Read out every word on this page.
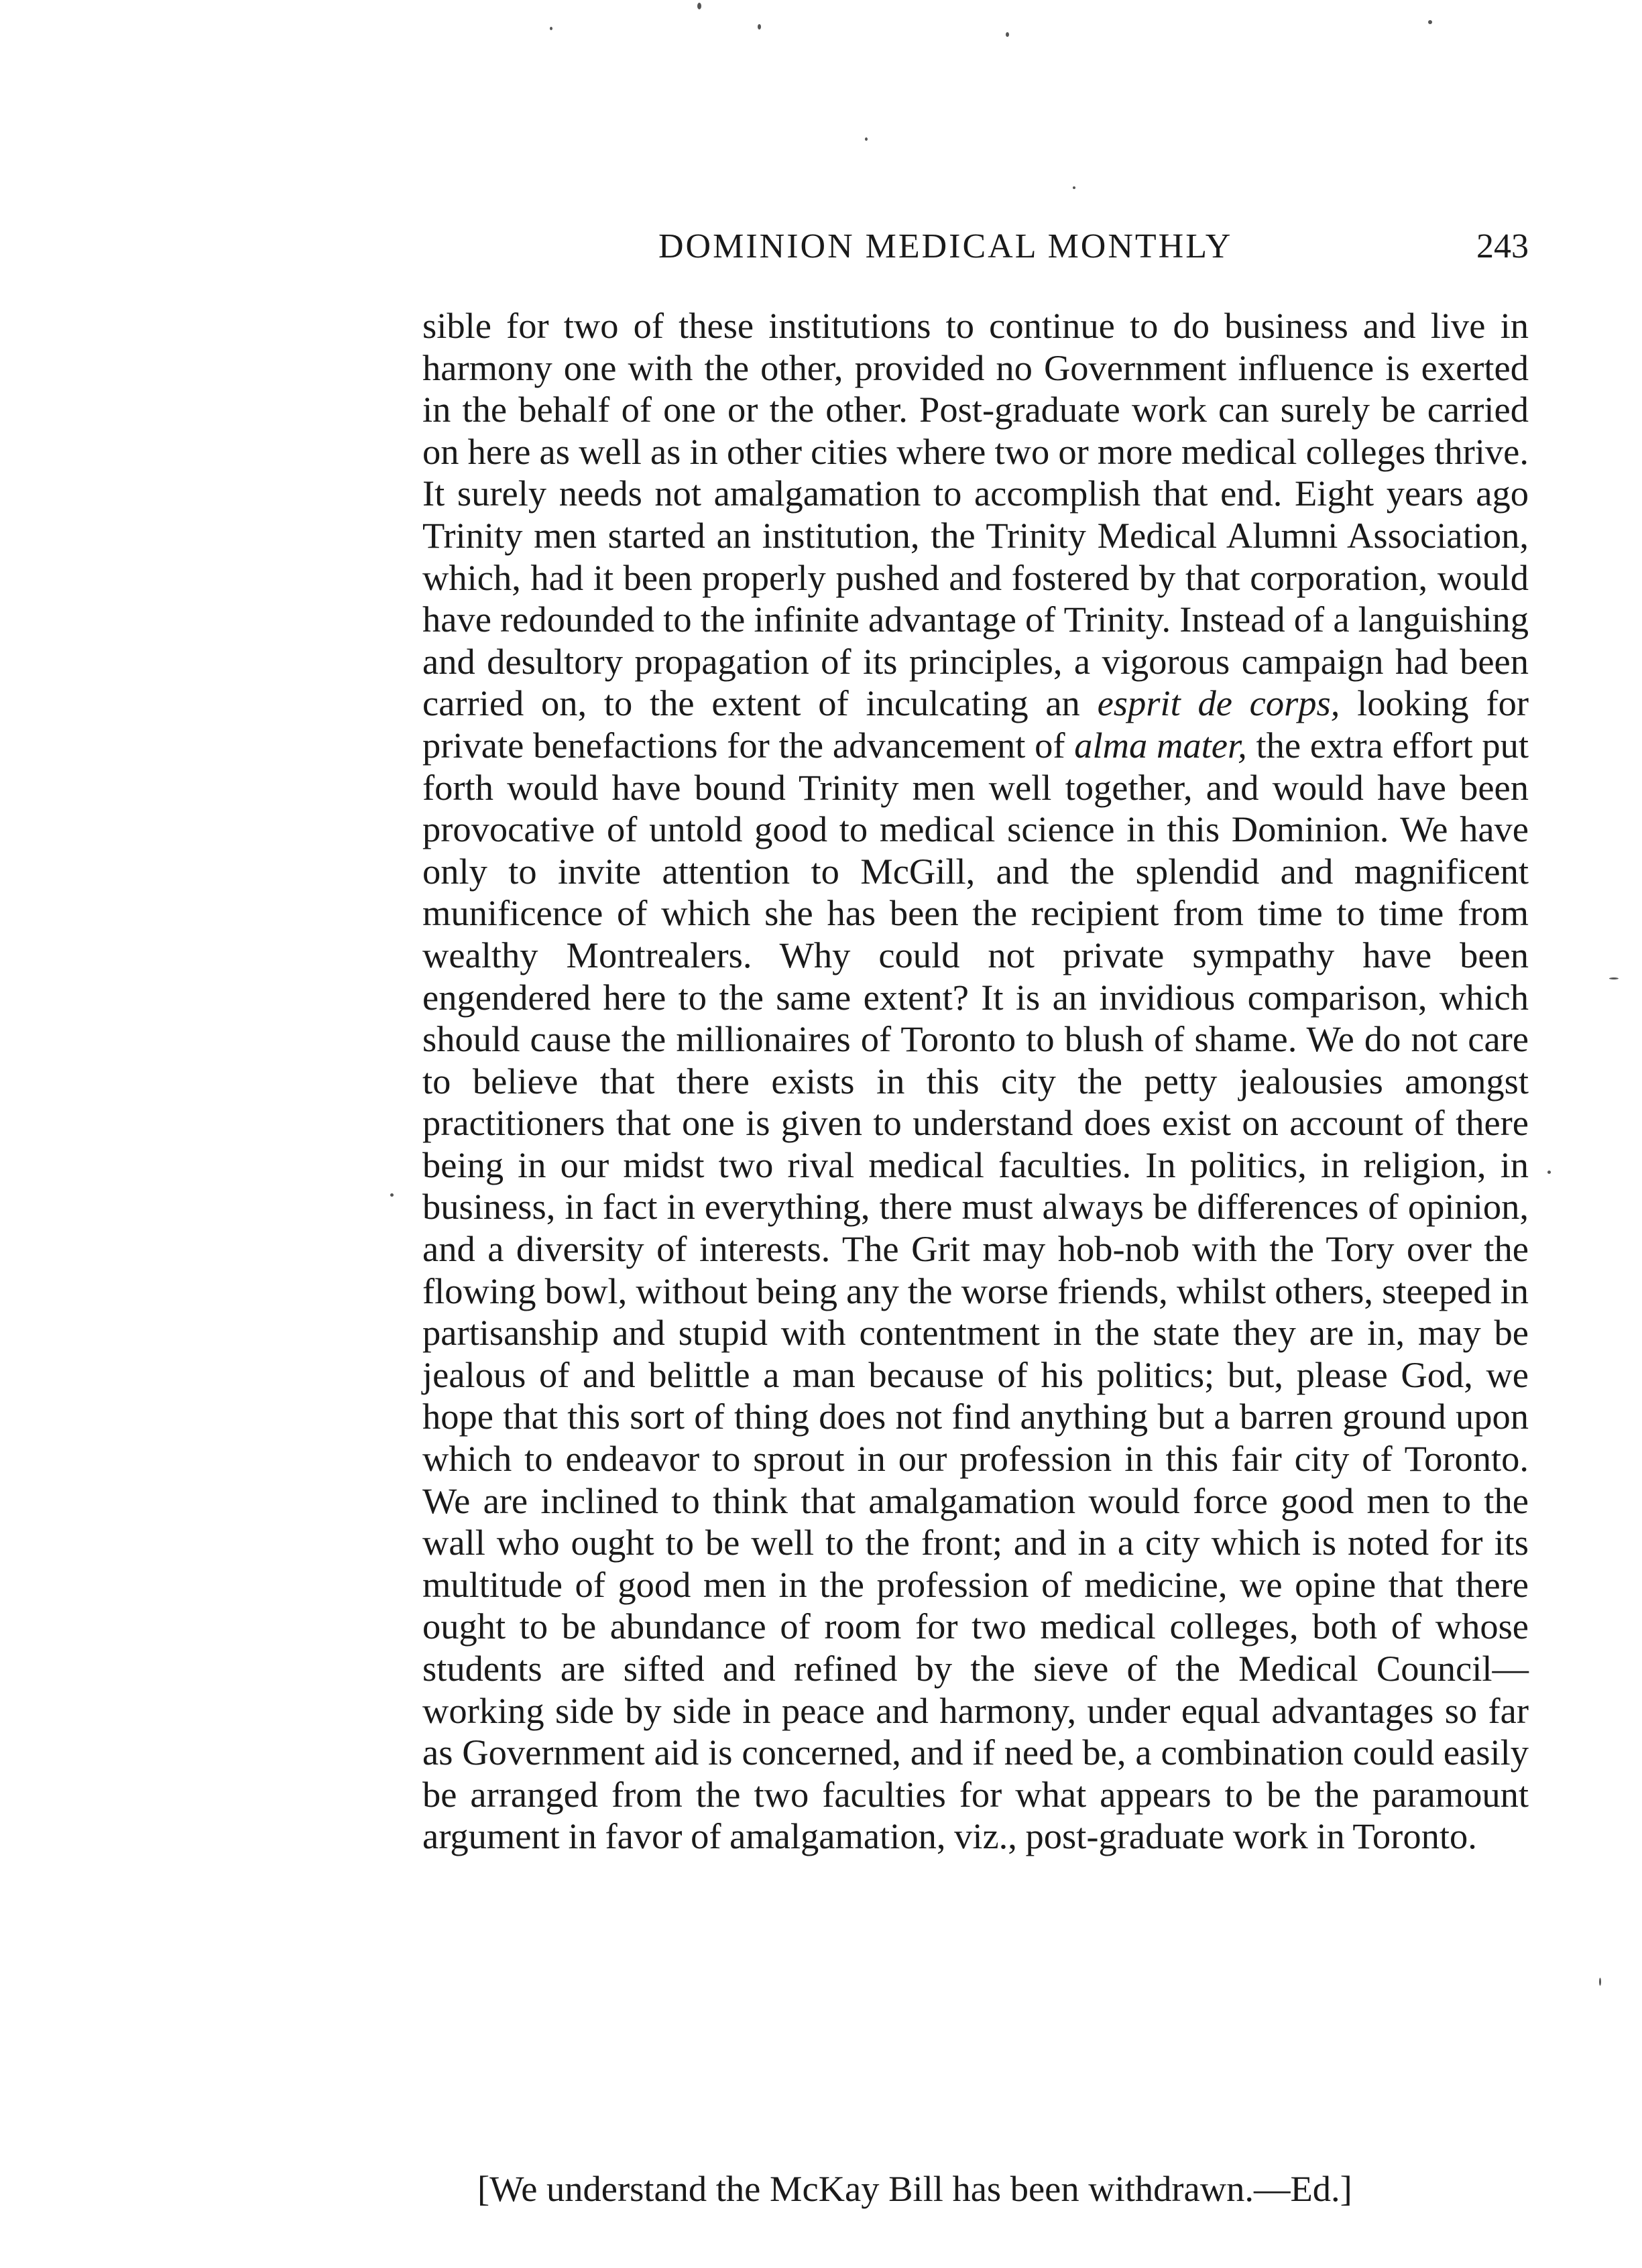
DOMINION MEDICAL MONTHLY	243

sible for two of these institutions to continue to do business and live in harmony one with the other, provided no Government influence is exerted in the behalf of one or the other. Post-graduate work can surely be carried on here as well as in other cities where two or more medical colleges thrive. It surely needs not amalgamation to accomplish that end. Eight years ago Trinity men started an institution, the Trinity Medical Alumni Association, which, had it been properly pushed and fostered by that corporation, would have redounded to the infinite advantage of Trinity. Instead of a languishing and desultory propagation of its principles, a vigorous campaign had been carried on, to the extent of inculcating an esprit de corps, looking for private benefactions for the advancement of alma mater, the extra effort put forth would have bound Trinity men well together, and would have been provocative of untold good to medical science in this Dominion. We have only to invite attention to McGill, and the splendid and magnificent munificence of which she has been the recipient from time to time from wealthy Montrealers. Why could not private sympathy have been engendered here to the same extent? It is an invidious comparison, which should cause the millionaires of Toronto to blush of shame. We do not care to believe that there exists in this city the petty jealousies amongst practitioners that one is given to understand does exist on account of there being in our midst two rival medical faculties. In politics, in religion, in business, in fact in everything, there must always be differences of opinion, and a diversity of interests. The Grit may hob-nob with the Tory over the flowing bowl, without being any the worse friends, whilst others, steeped in partisanship and stupid with contentment in the state they are in, may be jealous of and belittle a man because of his politics; but, please God, we hope that this sort of thing does not find anything but a barren ground upon which to endeavor to sprout in our profession in this fair city of Toronto. We are inclined to think that amalgamation would force good men to the wall who ought to be well to the front; and in a city which is noted for its multitude of good men in the profession of medicine, we opine that there ought to be abundance of room for two medical colleges, both of whose students are sifted and refined by the sieve of the Medical Council—working side by side in peace and harmony, under equal advantages so far as Government aid is concerned, and if need be, a combination could easily be arranged from the two faculties for what appears to be the paramount argument in favor of amalgamation, viz., post-graduate work in Toronto.

[We understand the McKay Bill has been withdrawn.—Ed.]
